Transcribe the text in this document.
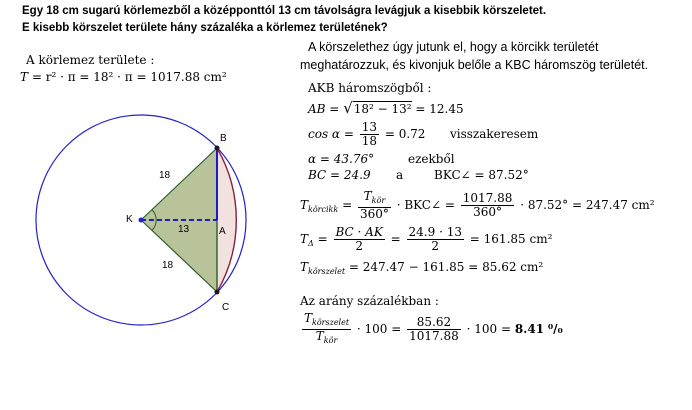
Egy 18 cm sugarú körlemezből a középponttól 13 cm távolságra levágjuk a kisebbik körszeletet.
E kisebb körszelet területe hány százaléka a körlemez területének?
A körlemez területe :
T = r² · π = 18² · π = 1017.88 cm²
K
A
B
C
18
18
13
A körszelethez úgy jutunk el, hogy a körcikk területét
meghatározzuk, és kivonjuk belőle a KBC háromszög területét.
AKB háromszögből :
AB = √18² − 13² = 12.45
$\cos \alpha = \frac{13}{18} = 0.72$ visszakeresem
α = 43.76°	ezekből
BC = 24.9 a	BKC∠ = 87.52°
$T_{körcikk} = \frac{T_{kör}}{360^\circ}$ · BKC∠ = $\frac{1017.88}{360^\circ} \cdot 87.52^\circ = 247.47$ cm²
$T_\Delta = \frac{BC \cdot AK}{2} = \frac{24.9 \cdot 13}{2} = 161.85$ cm²
$T_{körszelet} = 247.47 - 161.85 = 85.62$ cm²
Az arány százalékban :
$\frac{T_{körszelet}}{T_{kör}} \cdot 100 = \frac{85.62}{1017.88} \cdot 100 = 8.41$ ⁰/₀
